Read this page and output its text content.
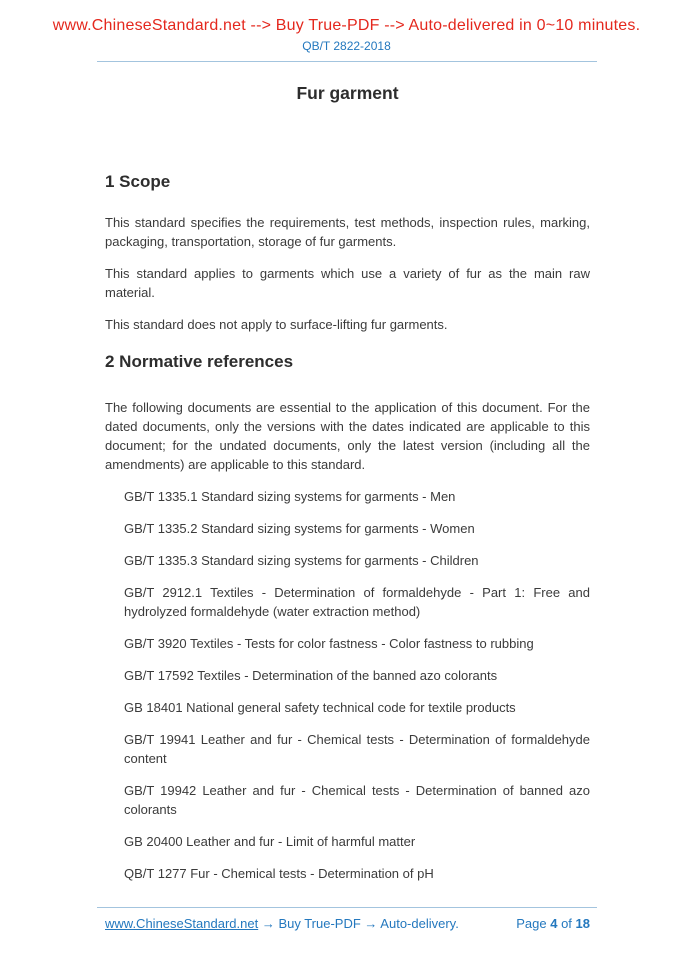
www.ChineseStandard.net --> Buy True-PDF --> Auto-delivered in 0~10 minutes.
QB/T 2822-2018
Fur garment
1 Scope

This standard specifies the requirements, test methods, inspection rules, marking, packaging, transportation, storage of fur garments.

This standard applies to garments which use a variety of fur as the main raw material.

This standard does not apply to surface-lifting fur garments.

2 Normative references

The following documents are essential to the application of this document. For the dated documents, only the versions with the dates indicated are applicable to this document; for the undated documents, only the latest version (including all the amendments) are applicable to this standard.

GB/T 1335.1 Standard sizing systems for garments - Men
GB/T 1335.2 Standard sizing systems for garments - Women
GB/T 1335.3 Standard sizing systems for garments - Children
GB/T 2912.1 Textiles - Determination of formaldehyde - Part 1: Free and hydrolyzed formaldehyde (water extraction method)
GB/T 3920 Textiles - Tests for color fastness - Color fastness to rubbing
GB/T 17592 Textiles - Determination of the banned azo colorants
GB 18401 National general safety technical code for textile products
GB/T 19941 Leather and fur - Chemical tests - Determination of formaldehyde content
GB/T 19942 Leather and fur - Chemical tests - Determination of banned azo colorants
GB 20400 Leather and fur - Limit of harmful matter
QB/T 1277 Fur - Chemical tests - Determination of pH
www.ChineseStandard.net → Buy True-PDF → Auto-delivery.	Page 4 of 18
